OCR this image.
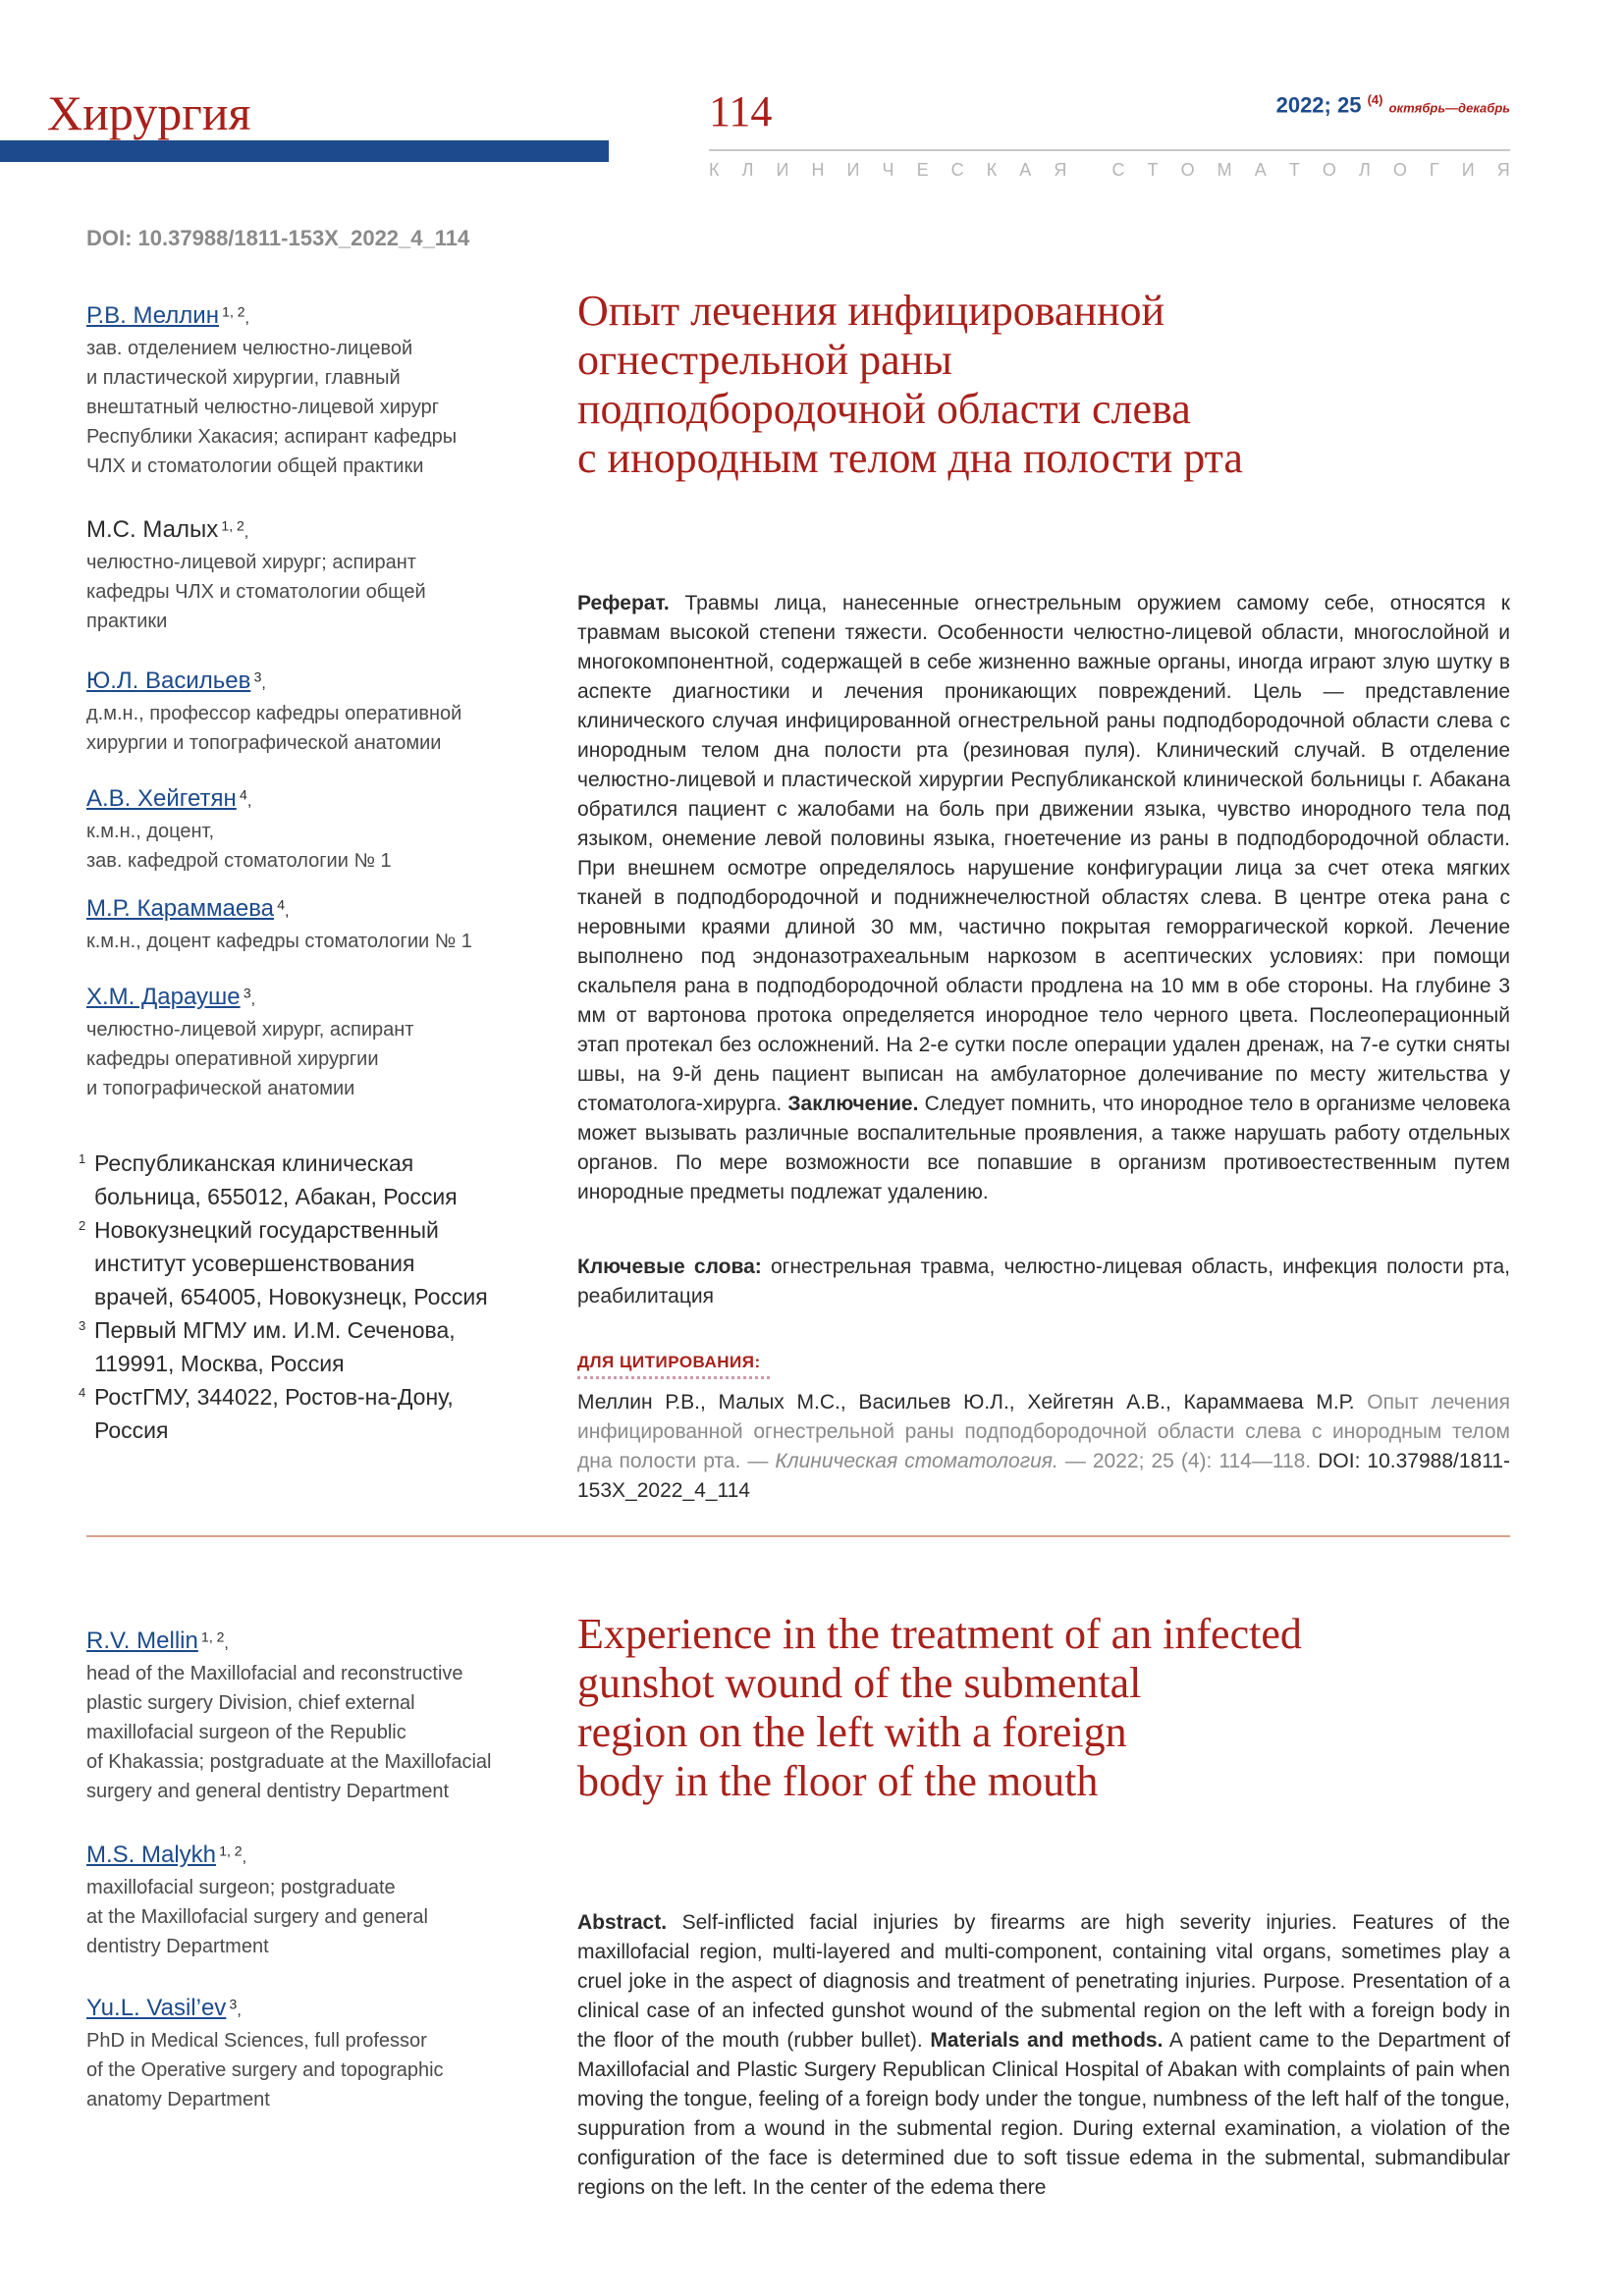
Хирургия	114	2022; 25 $^{(4)}$ октябрь—декабрь
К Л И Н И Ч Е С К А Я	С Т О М А Т О Л О Г И Я
DOI: 10.37988/1811-153X_2022_4_114
Р.В. Меллин  1, 2,
зав. отделением челюстно-лицевой
и пластической хирургии, главный
внештатный челюстно-лицевой хирург
Республики Хакасия; аспирант кафедры
ЧЛХ и стоматологии общей практики
М.С. Малых  1, 2,
челюстно-лицевой хирург; аспирант
кафедры ЧЛХ и стоматологии общей
практики
Ю.Л. Васильев  3,
д.м.н., профессор кафедры оперативной
хирургии и топографической анатомии
А.В. Хейгетян  4,
к.м.н., доцент,
зав. кафедрой стоматологии № 1
М.Р. Караммаева  4,
к.м.н., доцент кафедры стоматологии № 1
Х.М. Дарауше  3,
челюстно-лицевой хирург, аспирант
кафедры оперативной хирургии
и топографической анатомии
1 Республиканская клиническая
больница, 655012, Абакан, Россия
2 Новокузнецкий государственный
институт усовершенствования
врачей, 654005, Новокузнецк, Россия
3 Первый МГМУ им. И.М. Сеченова,
119991, Москва, Россия
4 РостГМУ, 344022, Ростов-на-Дону,
Россия
Опыт лечения инфицированной
огнестрельной раны
подподбородочной области слева
с инородным телом дна полости рта
Реферат. Травмы лица, нанесенные огнестрельным оружием самому себе, относятся к травмам высокой степени тяжести. Особенности челюстно-лицевой области, многослойной и многокомпонентной, содержащей в себе жизненно важные органы, иногда играют злую шутку в аспекте диагностики и лечения проникающих повреждений. Цель — представление клинического случая инфицированной огнестрельной раны подподбородочной области слева с инородным телом дна полости рта (резиновая пуля). Клинический случай. В отделение челюстно-лицевой и пластической хирургии Республиканской клинической больницы г. Абакана обратился пациент с жалобами на боль при движении языка, чувство инородного тела под языком, онемение левой половины языка, гноетечение из раны в подподбородочной области. При внешнем осмотре определялось нарушение конфигурации лица за счет отека мягких тканей в подподбородочной и поднижнечелюстной областях слева. В центре отека рана с неровными краями длиной 30 мм, частично покрытая геморрагической коркой. Лечение выполнено под эндоназотрахеальным наркозом в асептических условиях: при помощи скальпеля рана в подподбородочной области продлена на 10 мм в обе стороны. На глубине 3 мм от вартонова протока определяется инородное тело черного цвета. Послеоперационный этап протекал без осложнений. На 2-е сутки после операции удален дренаж, на 7-е сутки сняты швы, на 9-й день пациент выписан на амбулаторное долечивание по месту жительства у стоматолога-хирурга. Заключение. Следует помнить, что инородное тело в организме человека может вызывать различные воспалительные проявления, а также нарушать работу отдельных органов. По мере возможности все попавшие в организм противоестественным путем инородные предметы подлежат удалению.
Ключевые слова: огнестрельная травма, челюстно-лицевая область, инфекция полости рта, реабилитация
ДЛЯ ЦИТИРОВАНИЯ:
Меллин Р.В., Малых М.С., Васильев Ю.Л., Хейгетян А.В., Караммаева М.Р. Опыт лечения инфицированной огнестрельной раны подподбородочной области слева с инородным телом дна полости рта. — Клиническая стоматология. — 2022; 25 (4): 114—118. DOI: 10.37988/1811-153X_2022_4_114
R.V. Mellin  1, 2,
head of the Maxillofacial and reconstructive
plastic surgery Division, chief external
maxillofacial surgeon of the Republic
of Khakassia; postgraduate at the Maxillofacial
surgery and general dentistry Department
M.S. Malykh  1, 2,
maxillofacial surgeon; postgraduate
at the Maxillofacial surgery and general
dentistry Department
Yu.L. Vasil’ev  3,
PhD in Medical Sciences, full professor
of the Operative surgery and topographic
anatomy Department
Experience in the treatment of an infected
gunshot wound of the submental
region on the left with a foreign
body in the floor of the mouth
Abstract. Self-inflicted facial injuries by firearms are high severity injuries. Features of the maxillofacial region, multi-layered and multi-component, containing vital organs, sometimes play a cruel joke in the aspect of diagnosis and treatment of penetrating injuries. Purpose. Presentation of a clinical case of an infected gunshot wound of the submental region on the left with a foreign body in the floor of the mouth (rubber bullet). Materials and methods. A patient came to the Department of Maxillofacial and Plastic Surgery Republican Clinical Hospital of Abakan with complaints of pain when moving the tongue, feeling of a foreign body under the tongue, numbness of the left half of the tongue, suppuration from a wound in the submental region. During external examination, a violation of the configuration of the face is determined due to soft tissue edema in the submental, submandibular regions on the left. In the center of the edema there
